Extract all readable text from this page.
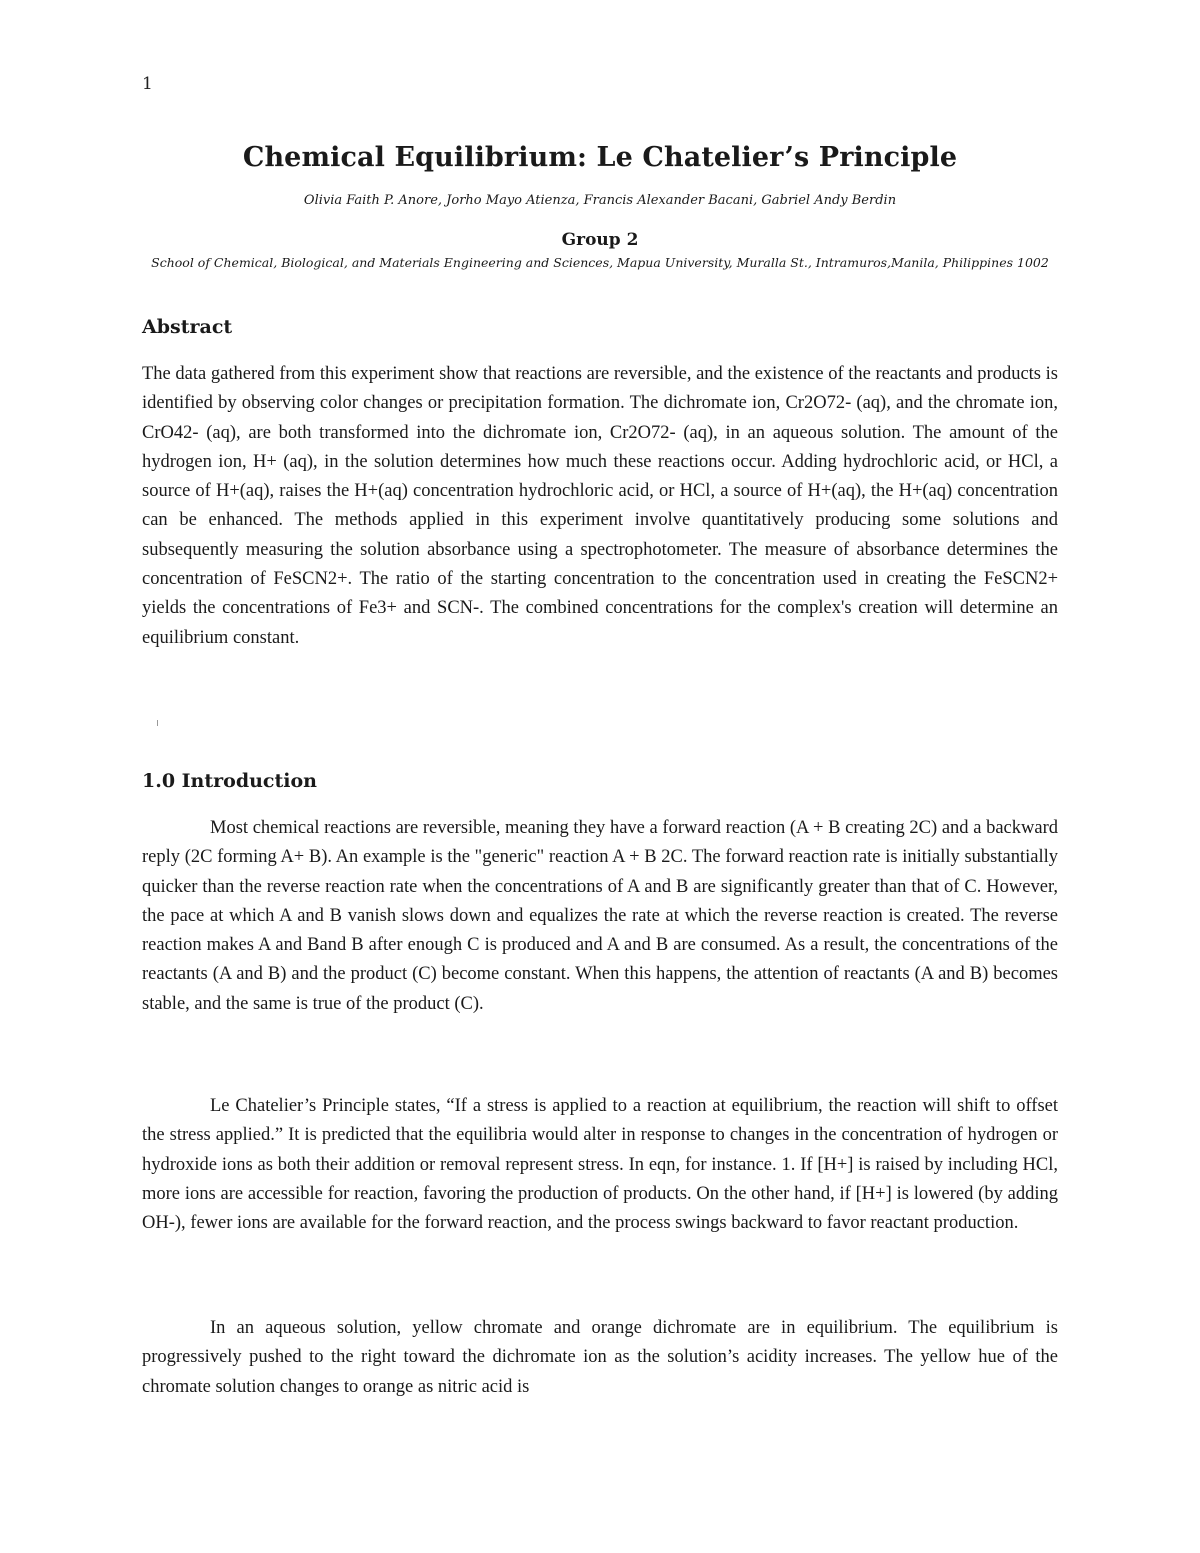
1
Chemical Equilibrium: Le Chatelier’s Principle
Olivia Faith P. Anore, Jorho Mayo Atienza, Francis Alexander Bacani, Gabriel Andy Berdin
Group 2
School of Chemical, Biological, and Materials Engineering and Sciences, Mapua University, Muralla St., Intramuros,Manila, Philippines 1002
Abstract

The data gathered from this experiment show that reactions are reversible, and the existence of the reactants and products is identified by observing color changes or precipitation formation. The dichromate ion, Cr2O72- (aq), and the chromate ion, CrO42- (aq), are both transformed into the dichromate ion, Cr2O72- (aq), in an aqueous solution. The amount of the hydrogen ion, H+ (aq), in the solution determines how much these reactions occur. Adding hydrochloric acid, or HCl, a source of H+(aq), raises the H+(aq) concentration hydrochloric acid, or HCl, a source of H+(aq), the H+(aq) concentration can be enhanced. The methods applied in this experiment involve quantitatively producing some solutions and subsequently measuring the solution absorbance using a spectrophotometer. The measure of absorbance determines the concentration of FeSCN2+. The ratio of the starting concentration to the concentration used in creating the FeSCN2+ yields the concentrations of Fe3+ and SCN-. The combined concentrations for the complex's creation will determine an equilibrium constant.

1.0 Introduction

Most chemical reactions are reversible, meaning they have a forward reaction (A + B creating 2C) and a backward reply (2C forming A+ B). An example is the "generic" reaction A + B 2C. The forward reaction rate is initially substantially quicker than the reverse reaction rate when the concentrations of A and B are significantly greater than that of C. However, the pace at which A and B vanish slows down and equalizes the rate at which the reverse reaction is created. The reverse reaction makes A and Band B after enough C is produced and A and B are consumed. As a result, the concentrations of the reactants (A and B) and the product (C) become constant. When this happens, the attention of reactants (A and B) becomes stable, and the same is true of the product (C).

Le Chatelier’s Principle states, “If a stress is applied to a reaction at equilibrium, the reaction will shift to offset the stress applied.” It is predicted that the equilibria would alter in response to changes in the concentration of hydrogen or hydroxide ions as both their addition or removal represent stress. In eqn, for instance. 1. If [H+] is raised by including HCl, more ions are accessible for reaction, favoring the production of products. On the other hand, if [H+] is lowered (by adding OH-), fewer ions are available for the forward reaction, and the process swings backward to favor reactant production.

In an aqueous solution, yellow chromate and orange dichromate are in equilibrium. The equilibrium is progressively pushed to the right toward the dichromate ion as the solution’s acidity increases. The yellow hue of the chromate solution changes to orange as nitric acid is
